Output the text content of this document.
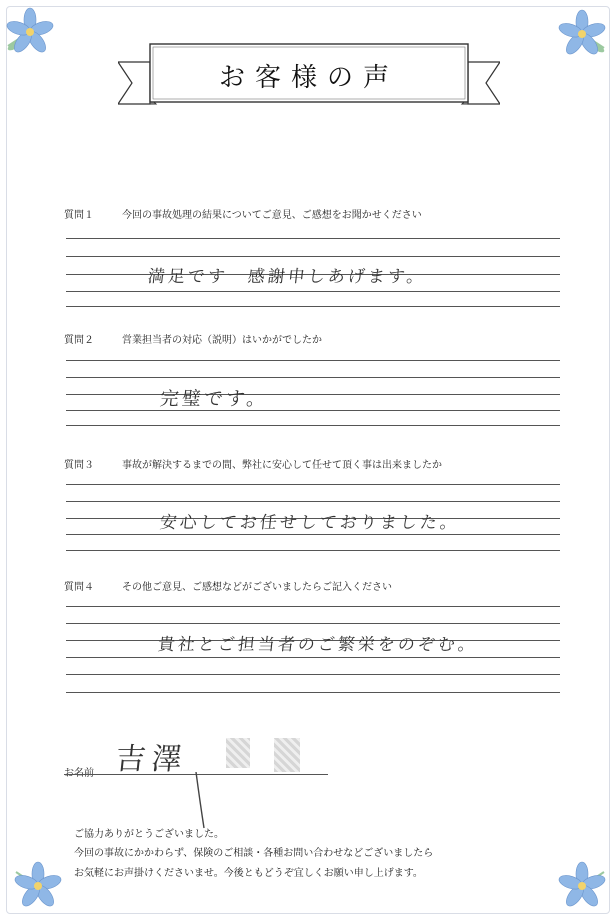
お客様の声
質問１	今回の事故処理の結果についてご意見、ご感想をお聞かせください
満足です　感謝申しあげます。
質問２	営業担当者の対応（説明）はいかがでしたか
完璧です。
質問３	事故が解決するまでの間、弊社に安心して任せて頂く事は出来ましたか
安心してお任せしておりました。
質問４	その他ご意見、ご感想などがございましたらご記入ください
貴社とご担当者のご繁栄をのぞむ。
吉澤
ご協力ありがとうございました。
今回の事故にかかわらず、保険のご相談・各種お問い合わせなどございましたら
お気軽にお声掛けくださいませ。今後ともどうぞ宜しくお願い申し上げます。
